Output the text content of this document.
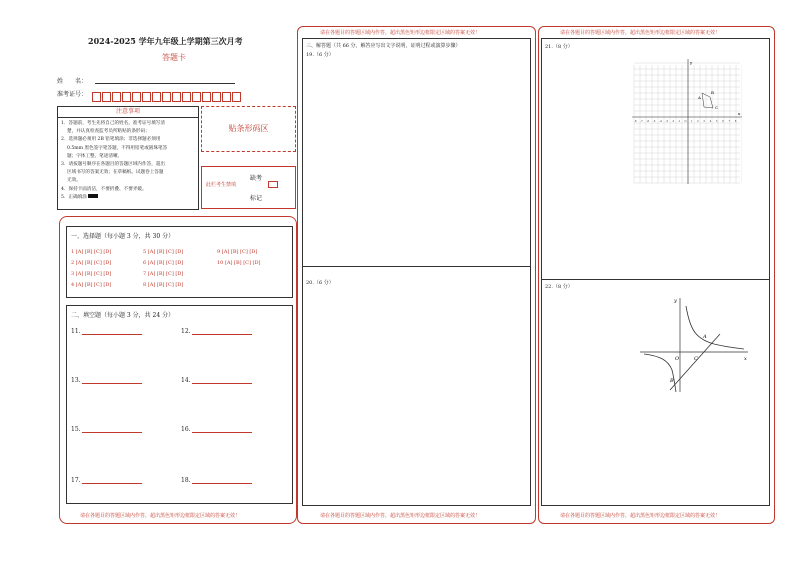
2024-2025 学年九年级上学期第三次月考
答题卡
姓　　名：
准考证号：
注意事项
1．答题前，考生先将自己的姓名，准考证号填写清
楚，并认真检查监考员所粘贴的条形码；
2．选择题必须用 2B 铅笔填涂；非选择题必须用
0.5mm 黑色签字笔答题，不得用铅笔或圆珠笔答
题；字体工整、笔迹清晰。
3．请按题号顺序在各题目的答题区域内作答，超出
区域书写的答案无效；在草稿纸、试题卷上答题
无效。
4．保持卡面清洁，不要折叠、不要弄破。
5．正确填涂
贴条形码区
此栏考生禁填
缺考
标记
一、选择题（每小题 3 分，共 30 分）
1 [A] [B] [C] [D]	5 [A] [B] [C] [D]	9 [A] [B] [C] [D]
2 [A] [B] [C] [D]	6 [A] [B] [C] [D]	10 [A] [B] [C] [D]
3 [A] [B] [C] [D]	7 [A] [B] [C] [D]
4 [A] [B] [C] [D]	8 [A] [B] [C] [D]
二、填空题（每小题 3 分，共 24 分）
11.	12.
13.	14.
15.	16.
17.	18.
请在各题目的答题区域内作答，超出黑色矩形边框限定区域的答案无效！
请在各题目的答题区域内作答，超出黑色矩形边框限定区域的答案无效！
三、解答题（共 66 分，解答应写出文字说明，证明过程或演算步骤）
19.（6 分）
20.（6 分）
请在各题目的答题区域内作答，超出黑色矩形边框限定区域的答案无效！
请在各题目的答题区域内作答，超出黑色矩形边框限定区域的答案无效！
21.（8 分）
22.（8 分）
x
y
-8 -7 -6 -5 -4 -3 -2 -1 O 1 2 3 4 5 6 7 8
B
A
C
x
y
A
B
C
O
请在各题目的答题区域内作答，超出黑色矩形边框限定区域的答案无效！
